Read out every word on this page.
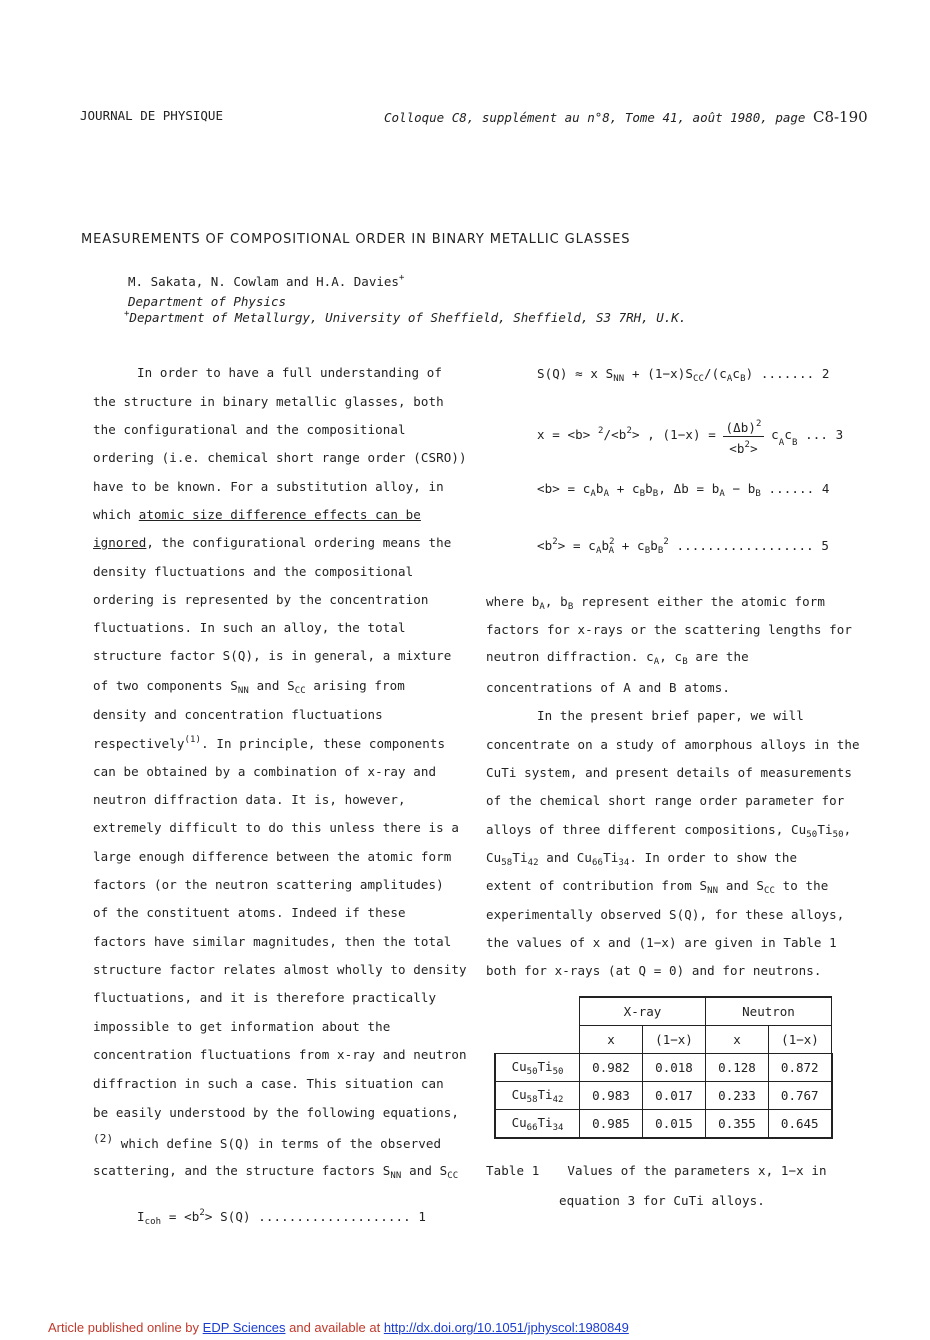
JOURNAL DE PHYSIQUE	Colloque C8, supplément au n°8, Tome 41, août 1980, page C8-190
MEASUREMENTS OF COMPOSITIONAL ORDER IN BINARY METALLIC GLASSES
M. Sakata, N. Cowlam and H.A. Davies+
Department of Physics
+Department of Metallurgy, University of Sheffield, Sheffield, S3 7RH, U.K.
In order to have a full understanding of
the structure in binary metallic glasses, both
the configurational and the compositional
ordering (i.e. chemical short range order (CSRO))
have to be known. For a substitution alloy, in
which atomic size difference effects can be
ignored, the configurational ordering means the
density fluctuations and the compositional
ordering is represented by the concentration
fluctuations. In such an alloy, the total
structure factor S(Q), is in general, a mixture
of two components $S_{NN}$ and $S_{CC}$ arising from
density and concentration fluctuations
respectively$^{(1)}$. In principle, these components
can be obtained by a combination of x-ray and
neutron diffraction data. It is, however,
extremely difficult to do this unless there is a
large enough difference between the atomic form
factors (or the neutron scattering amplitudes)
of the constituent atoms. Indeed if these
factors have similar magnitudes, then the total
structure factor relates almost wholly to density
fluctuations, and it is therefore practically
impossible to get information about the
concentration fluctuations from x-ray and neutron
diffraction in such a case. This situation can
be easily understood by the following equations,
$^{(2)}$ which define S(Q) in terms of the observed
scattering, and the structure factors $S_{NN}$ and $S_{CC}$
$I_{coh} = <b^2> S(Q)$ .................... 1
S(Q) ≈ x $S_{NN} + (1-x)S_{CC}/(c_Ac_B)$ ....... 2
$x = <b> ^2/<b^2>$ , $(1-x) = \frac{(\Delta b)^2}{<b^2>} c_Ac_B$ ... 3
$<b> = c_Ab_A + c_Bb_B$, $\Delta b = b_A - b_B$ ...... 4
$<b^2> = c_Ab^2_A + c_Bb_B^2$ .................. 5
where $b_A$, $b_B$ represent either the atomic form
factors for x-rays or the scattering lengths for
neutron diffraction. $c_A$, $c_B$ are the
concentrations of A and B atoms.
In the present brief paper, we will
concentrate on a study of amorphous alloys in the
CuTi system, and present details of measurements
of the chemical short range order parameter for
alloys of three different compositions, $Cu_{50}Ti_{50}$,
$Cu_{58}Ti_{42}$ and $Cu_{66}Ti_{34}$. In order to show the
extent of contribution from $S_{NN}$ and $S_{CC}$ to the
experimentally observed S(Q), for these alloys,
the values of x and (1−x) are given in Table 1
both for x-rays (at Q = 0) and for neutrons.
	X-ray		Neutron	
	x	(1−x)	x	(1−x)
$Cu_{50}Ti_{50}$	0.982	0.018	0.128	0.872
$Cu_{58}Ti_{42}$	0.983	0.017	0.233	0.767
$Cu_{66}Ti_{34}$	0.985	0.015	0.355	0.645
Table 1 Values of the parameters x, 1−x in
equation 3 for CuTi alloys.
Article published online by EDP Sciences and available at http://dx.doi.org/10.1051/jphyscol:1980849
